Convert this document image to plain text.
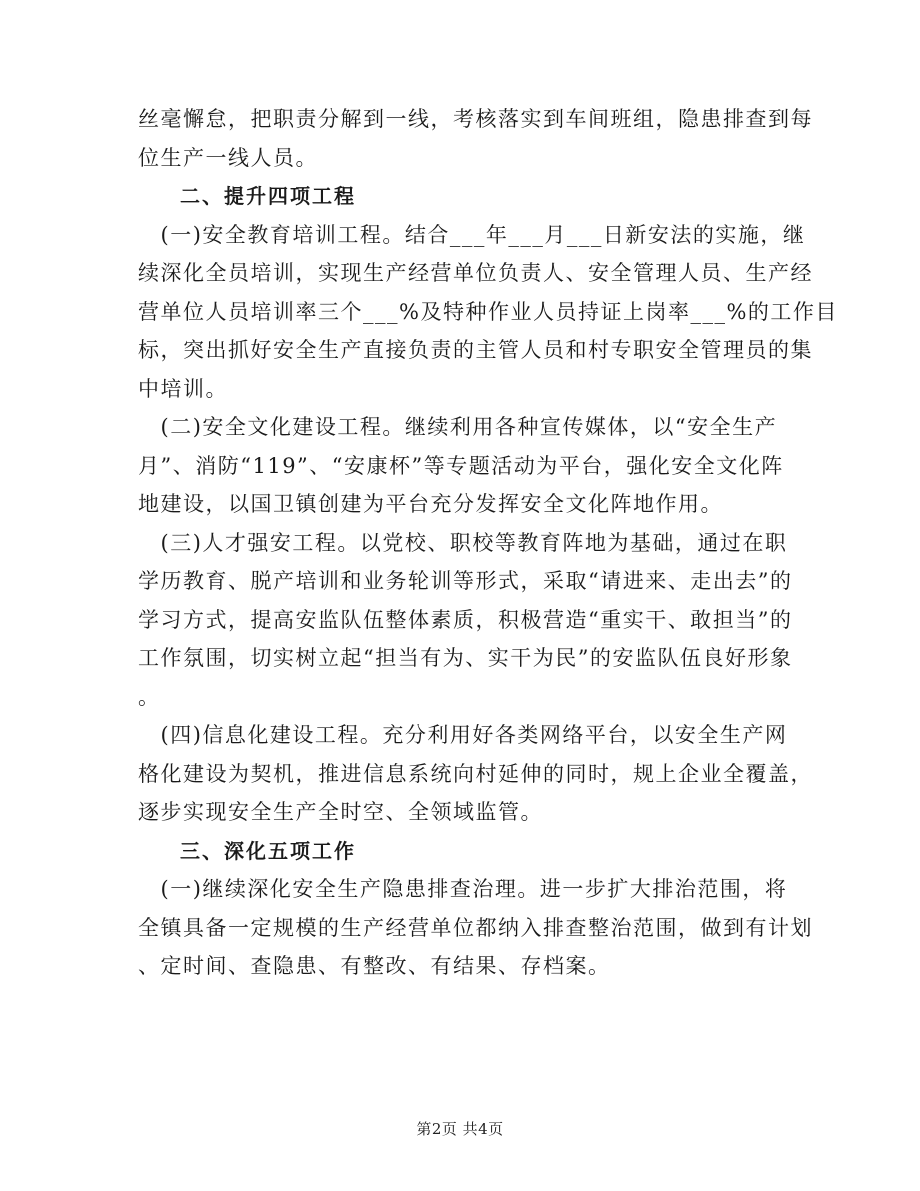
丝毫懈怠，把职责分解到一线，考核落实到车间班组，隐患排查到每
位生产一线人员。
二、提升四项工程
　(一)安全教育培训工程。结合___年___月___日新安法的实施，继
续深化全员培训，实现生产经营单位负责人、安全管理人员、生产经
营单位人员培训率三个___%及特种作业人员持证上岗率___%的工作目
标，突出抓好安全生产直接负责的主管人员和村专职安全管理员的集
中培训。
　(二)安全文化建设工程。继续利用各种宣传媒体，以“安全生产
月”、消防“119”、“安康杯”等专题活动为平台，强化安全文化阵
地建设，以国卫镇创建为平台充分发挥安全文化阵地作用。
　(三)人才强安工程。以党校、职校等教育阵地为基础，通过在职
学历教育、脱产培训和业务轮训等形式，采取“请进来、走出去”的
学习方式，提高安监队伍整体素质，积极营造“重实干、敢担当”的
工作氛围，切实树立起“担当有为、实干为民”的安监队伍良好形象
。
　(四)信息化建设工程。充分利用好各类网络平台，以安全生产网
格化建设为契机，推进信息系统向村延伸的同时，规上企业全覆盖，
逐步实现安全生产全时空、全领域监管。
三、深化五项工作
　(一)继续深化安全生产隐患排查治理。进一步扩大排治范围，将
全镇具备一定规模的生产经营单位都纳入排查整治范围，做到有计划
、定时间、查隐患、有整改、有结果、存档案。
第2页 共4页
